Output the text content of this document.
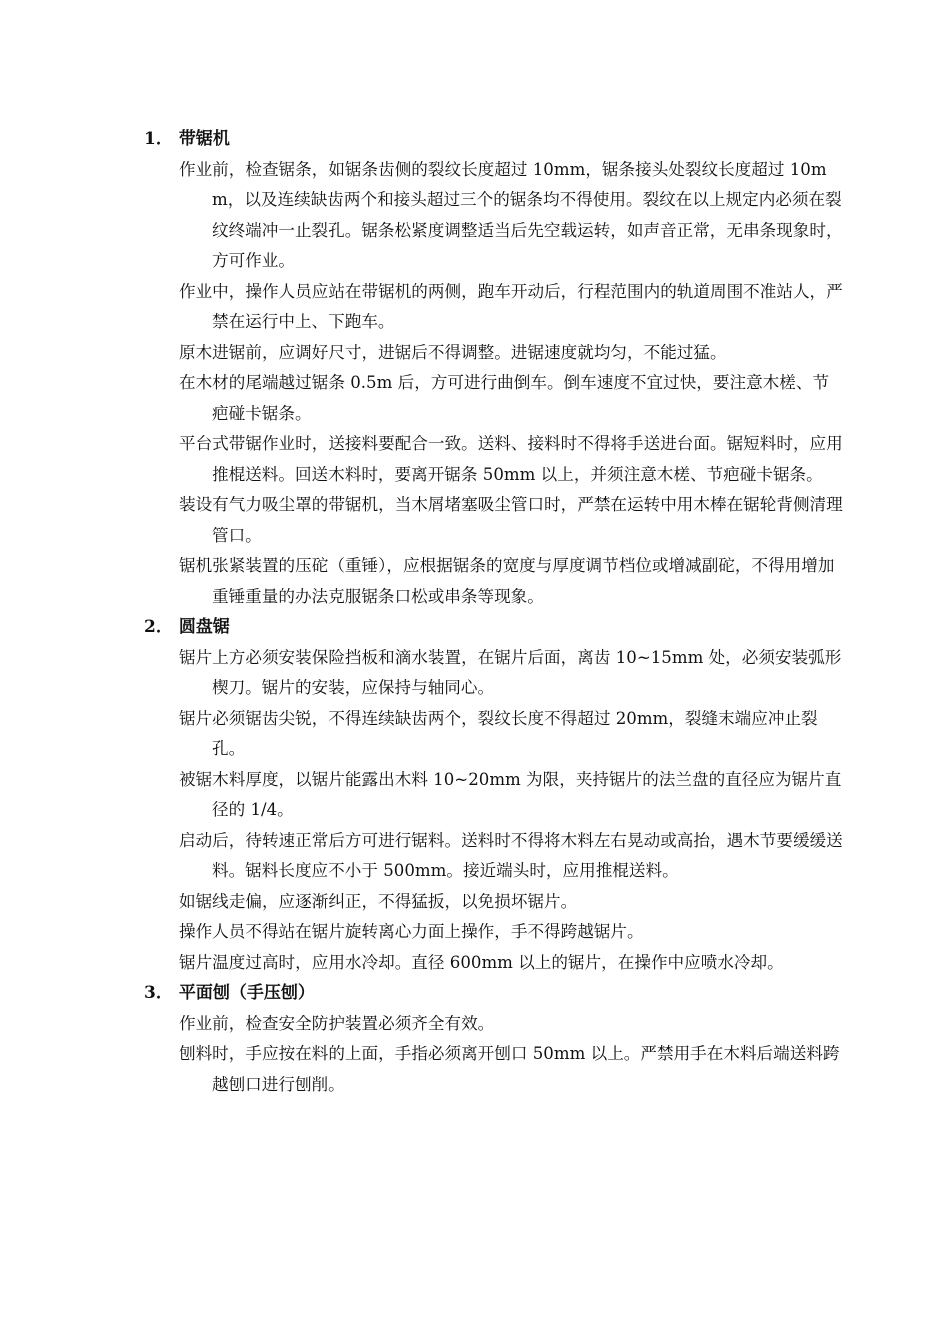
1． 带锯机
作业前，检查锯条，如锯条齿侧的裂纹长度超过 10mm，锯条接头处裂纹长度超过 10mm，以及连续缺齿两个和接头超过三个的锯条均不得使用。裂纹在以上规定内必须在裂纹终端冲一止裂孔。锯条松紧度调整适当后先空载运转，如声音正常，无串条现象时，方可作业。
作业中，操作人员应站在带锯机的两侧，跑车开动后，行程范围内的轨道周围不准站人，严禁在运行中上、下跑车。
原木进锯前，应调好尺寸，进锯后不得调整。进锯速度就均匀，不能过猛。
在木材的尾端越过锯条 0.5m 后，方可进行曲倒车。倒车速度不宜过快，要注意木槎、节疤碰卡锯条。
平台式带锯作业时，送接料要配合一致。送料、接料时不得将手送进台面。锯短料时，应用推棍送料。回送木料时，要离开锯条 50mm 以上，并须注意木槎、节疤碰卡锯条。
装设有气力吸尘罩的带锯机，当木屑堵塞吸尘管口时，严禁在运转中用木棒在锯轮背侧清理管口。
锯机张紧装置的压砣（重锤），应根据锯条的宽度与厚度调节档位或增减副砣，不得用增加重锤重量的办法克服锯条口松或串条等现象。
2． 圆盘锯
锯片上方必须安装保险挡板和滴水装置，在锯片后面，离齿 10~15mm 处，必须安装弧形楔刀。锯片的安装，应保持与轴同心。
锯片必须锯齿尖锐，不得连续缺齿两个，裂纹长度不得超过 20mm，裂缝末端应冲止裂孔。
被锯木料厚度，以锯片能露出木料 10~20mm 为限，夹持锯片的法兰盘的直径应为锯片直径的 1/4。
启动后，待转速正常后方可进行锯料。送料时不得将木料左右晃动或高抬，遇木节要缓缓送料。锯料长度应不小于 500mm。接近端头时，应用推棍送料。
如锯线走偏，应逐渐纠正，不得猛扳，以免损坏锯片。
操作人员不得站在锯片旋转离心力面上操作，手不得跨越锯片。
锯片温度过高时，应用水冷却。直径 600mm 以上的锯片，在操作中应喷水冷却。
3． 平面刨（手压刨）
作业前，检查安全防护装置必须齐全有效。
刨料时，手应按在料的上面，手指必须离开刨口 50mm 以上。严禁用手在木料后端送料跨越刨口进行刨削。
